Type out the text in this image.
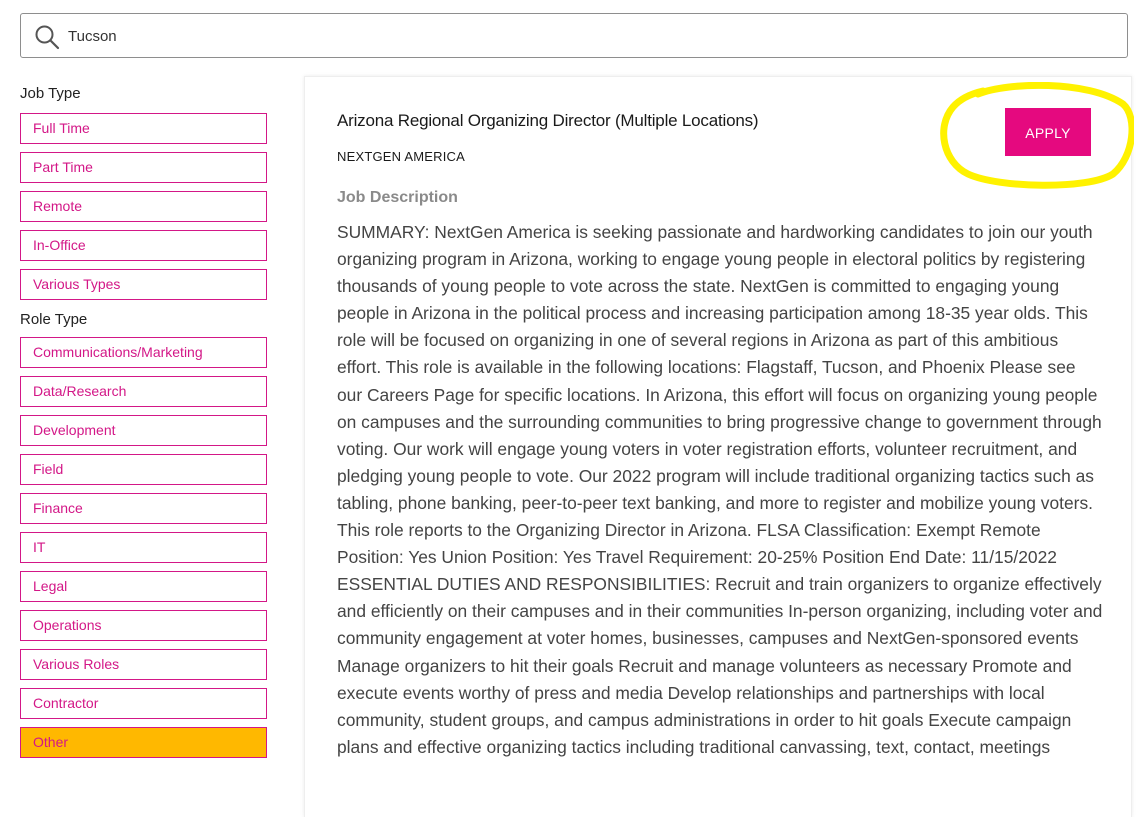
Tucson
Job Type
Full Time
Part Time
Remote
In-Office
Various Types
Role Type
Communications/Marketing
Data/Research
Development
Field
Finance
IT
Legal
Operations
Various Roles
Contractor
Other
Arizona Regional Organizing Director (Multiple Locations)
NEXTGEN AMERICA
APPLY
Job Description
SUMMARY: NextGen America is seeking passionate and hardworking candidates to join our youth organizing program in Arizona, working to engage young people in electoral politics by registering thousands of young people to vote across the state. NextGen is committed to engaging young people in Arizona in the political process and increasing participation among 18-35 year olds. This role will be focused on organizing in one of several regions in Arizona as part of this ambitious effort. This role is available in the following locations: Flagstaff, Tucson, and Phoenix Please see our Careers Page for specific locations. In Arizona, this effort will focus on organizing young people on campuses and the surrounding communities to bring progressive change to government through voting. Our work will engage young voters in voter registration efforts, volunteer recruitment, and pledging young people to vote. Our 2022 program will include traditional organizing tactics such as tabling, phone banking, peer-to-peer text banking, and more to register and mobilize young voters. This role reports to the Organizing Director in Arizona. FLSA Classification: Exempt Remote Position: Yes Union Position: Yes Travel Requirement: 20-25% Position End Date: 11/15/2022 ESSENTIAL DUTIES AND RESPONSIBILITIES: Recruit and train organizers to organize effectively and efficiently on their campuses and in their communities In-person organizing, including voter and community engagement at voter homes, businesses, campuses and NextGen-sponsored events Manage organizers to hit their goals Recruit and manage volunteers as necessary Promote and execute events worthy of press and media Develop relationships and partnerships with local community, student groups, and campus administrations in order to hit goals Execute campaign plans and effective organizing tactics including traditional canvassing, text, contact, meetings
